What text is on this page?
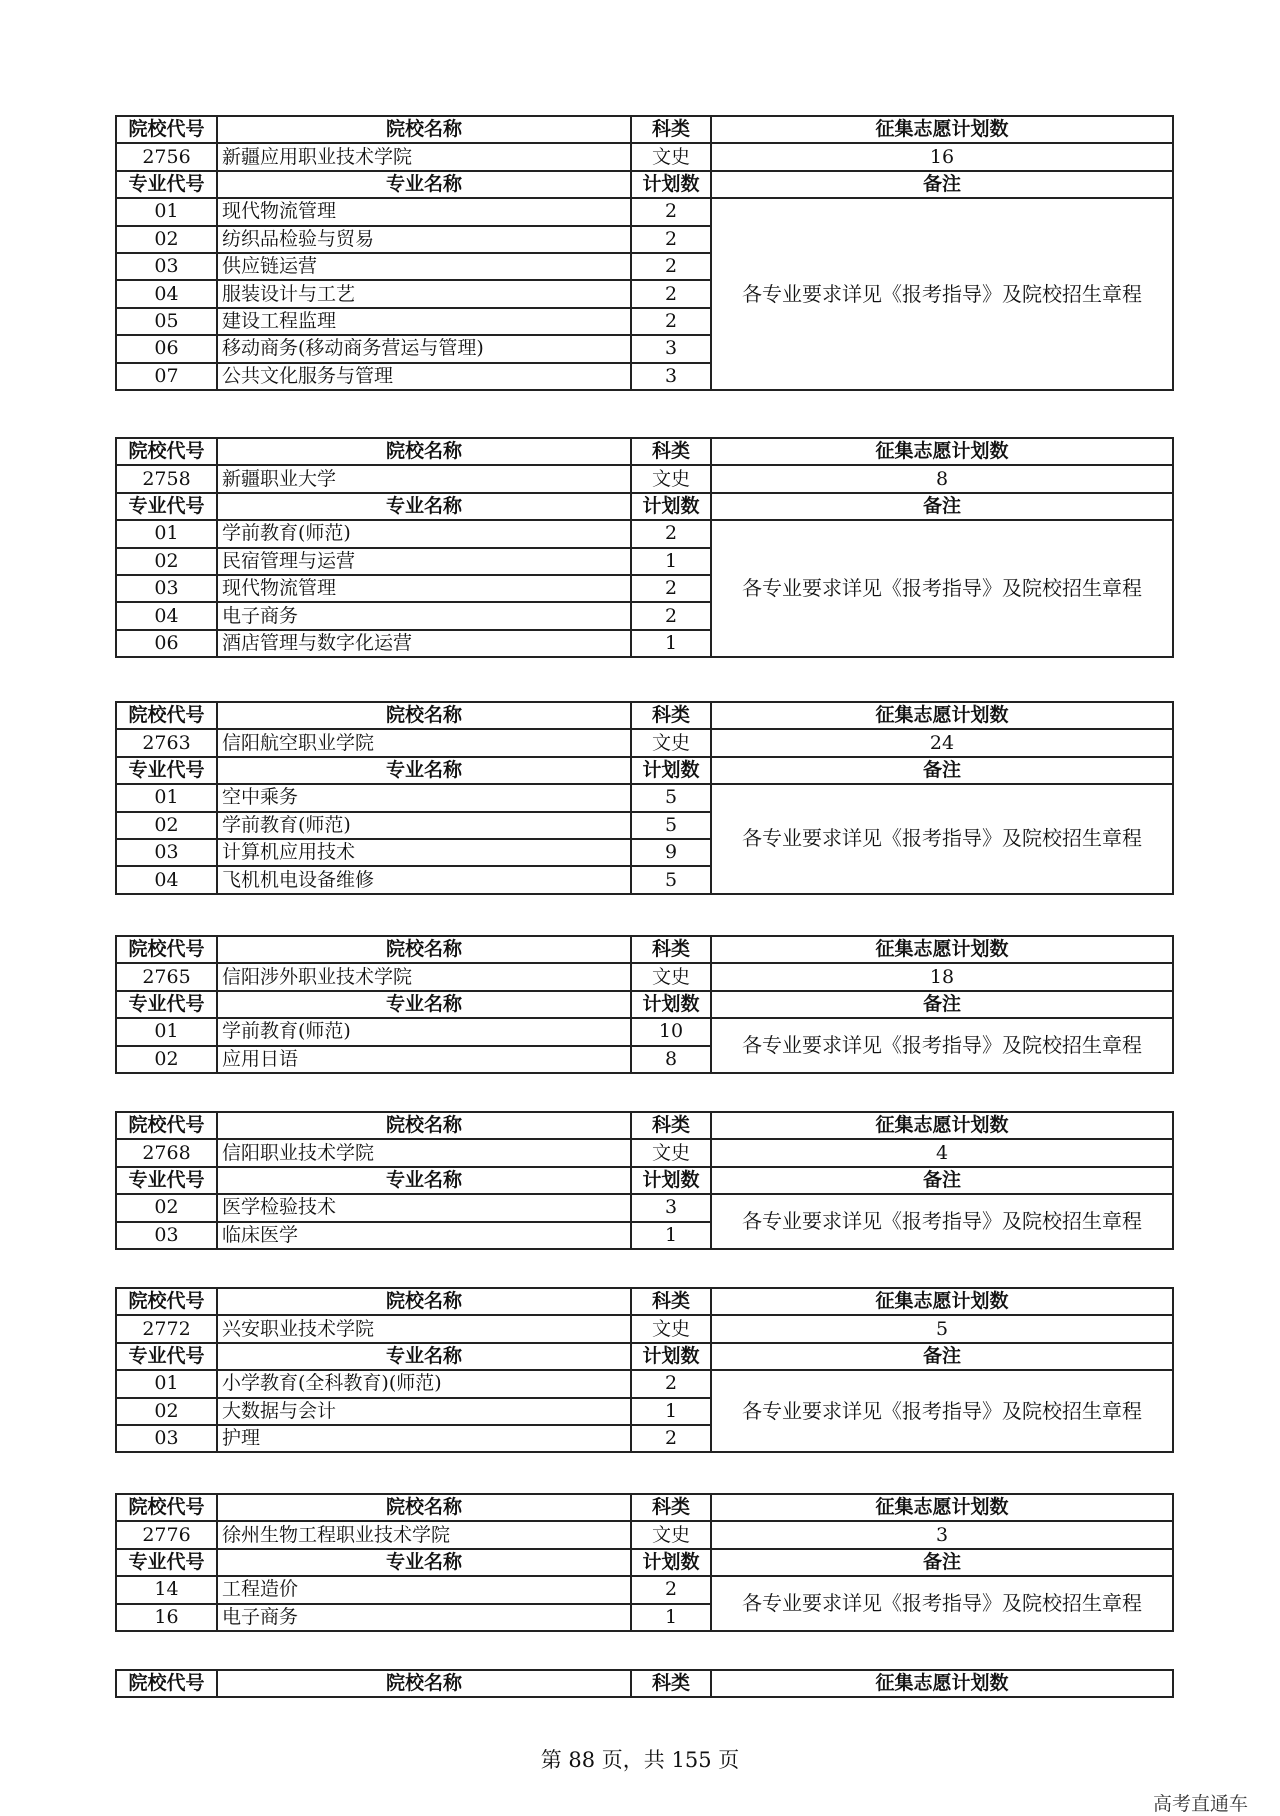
院校代号	院校名称	科类	征集志愿计划数
2756	新疆应用职业技术学院	文史	16
专业代号	专业名称	计划数	备注
01	现代物流管理	2	各专业要求详见《报考指导》及院校招生章程
02	纺织品检验与贸易	2	
03	供应链运营	2	
04	服装设计与工艺	2	
05	建设工程监理	2	
06	移动商务(移动商务营运与管理)	3	
07	公共文化服务与管理	3	
院校代号	院校名称	科类	征集志愿计划数
2758	新疆职业大学	文史	8
专业代号	专业名称	计划数	备注
01	学前教育(师范)	2	各专业要求详见《报考指导》及院校招生章程
02	民宿管理与运营	1	
03	现代物流管理	2	
04	电子商务	2	
06	酒店管理与数字化运营	1	
院校代号	院校名称	科类	征集志愿计划数
2763	信阳航空职业学院	文史	24
专业代号	专业名称	计划数	备注
01	空中乘务	5	各专业要求详见《报考指导》及院校招生章程
02	学前教育(师范)	5	
03	计算机应用技术	9	
04	飞机机电设备维修	5	
院校代号	院校名称	科类	征集志愿计划数
2765	信阳涉外职业技术学院	文史	18
专业代号	专业名称	计划数	备注
01	学前教育(师范)	10	各专业要求详见《报考指导》及院校招生章程
02	应用日语	8	
院校代号	院校名称	科类	征集志愿计划数
2768	信阳职业技术学院	文史	4
专业代号	专业名称	计划数	备注
02	医学检验技术	3	各专业要求详见《报考指导》及院校招生章程
03	临床医学	1	
院校代号	院校名称	科类	征集志愿计划数
2772	兴安职业技术学院	文史	5
专业代号	专业名称	计划数	备注
01	小学教育(全科教育)(师范)	2	各专业要求详见《报考指导》及院校招生章程
02	大数据与会计	1	
03	护理	2	
院校代号	院校名称	科类	征集志愿计划数
2776	徐州生物工程职业技术学院	文史	3
专业代号	专业名称	计划数	备注
14	工程造价	2	各专业要求详见《报考指导》及院校招生章程
16	电子商务	1	
院校代号	院校名称	科类	征集志愿计划数
第 88 页，共 155 页
高考直通车
